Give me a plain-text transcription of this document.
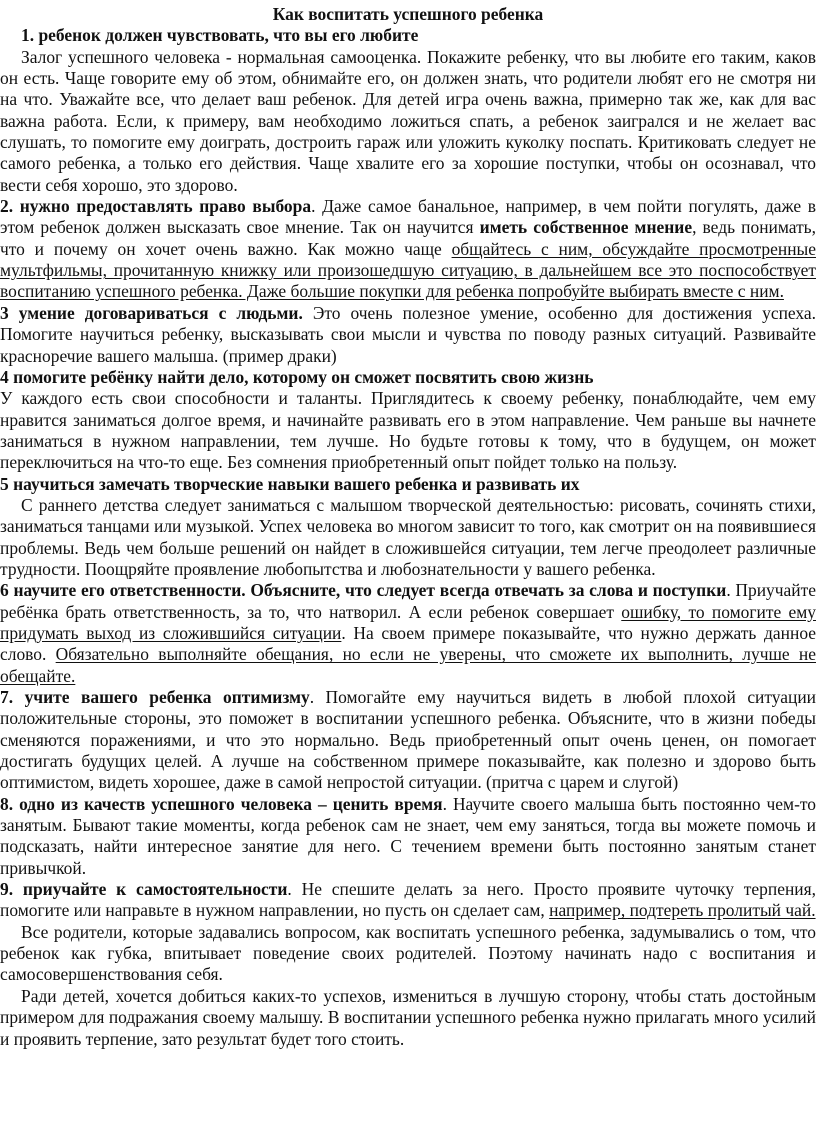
Как воспитать успешного ребенка

1. ребенок должен чувствовать, что вы его любите

Залог успешного человека - нормальная самооценка. Покажите ребенку, что вы любите его таким, каков он есть. Чаще говорите ему об этом, обнимайте его, он должен знать, что родители любят его не смотря ни на что. Уважайте все, что делает ваш ребенок. Для детей игра очень важна, примерно так же, как для вас важна работа. Если, к примеру, вам необходимо ложиться спать, а ребенок заигрался и не желает вас слушать, то помогите ему доиграть, достроить гараж или уложить куколку поспать. Критиковать следует не самого ребенка, а только его действия. Чаще хвалите его за хорошие поступки, чтобы он осознавал, что вести себя хорошо, это здорово.

2. нужно предоставлять право выбора. Даже самое банальное, например, в чем пойти погулять, даже в этом ребенок должен высказать свое мнение. Так он научится иметь собственное мнение, ведь понимать, что и почему он хочет очень важно. Как можно чаще общайтесь с ним, обсуждайте просмотренные мультфильмы, прочитанную книжку или произошедшую ситуацию, в дальнейшем все это поспособствует воспитанию успешного ребенка. Даже большие покупки для ребенка попробуйте выбирать вместе с ним.

3 умение договариваться с людьми. Это очень полезное умение, особенно для достижения успеха. Помогите научиться ребенку, высказывать свои мысли и чувства по поводу разных ситуаций. Развивайте красноречие вашего малыша. (пример драки)

4 помогите ребёнку найти дело, которому он сможет посвятить свою жизнь

У каждого есть свои способности и таланты. Приглядитесь к своему ребенку, понаблюдайте, чем ему нравится заниматься долгое время, и начинайте развивать его в этом направление. Чем раньше вы начнете заниматься в нужном направлении, тем лучше. Но будьте готовы к тому, что в будущем, он может переключиться на что-то еще. Без сомнения приобретенный опыт пойдет только на пользу.

5 научиться замечать творческие навыки вашего ребенка и развивать их

С раннего детства следует заниматься с малышом творческой деятельностью: рисовать, сочинять стихи, заниматься танцами или музыкой. Успех человека во многом зависит то того, как смотрит он на появившиеся проблемы. Ведь чем больше решений он найдет в сложившейся ситуации, тем легче преодолеет различные трудности. Поощряйте проявление любопытства и любознательности у вашего ребенка.

6 научите его ответственности. Объясните, что следует всегда отвечать за слова и поступки. Приучайте ребёнка брать ответственность, за то, что натворил. А если ребенок совершает ошибку, то помогите ему придумать выход из сложившийся ситуации. На своем примере показывайте, что нужно держать данное слово. Обязательно выполняйте обещания, но если не уверены, что сможете их выполнить, лучше не обещайте.

7. учите вашего ребенка оптимизму. Помогайте ему научиться видеть в любой плохой ситуации положительные стороны, это поможет в воспитании успешного ребенка. Объясните, что в жизни победы сменяются поражениями, и что это нормально. Ведь приобретенный опыт очень ценен, он помогает достигать будущих целей. А лучше на собственном примере показывайте, как полезно и здорово быть оптимистом, видеть хорошее, даже в самой непростой ситуации. (притча с царем и слугой)

8. одно из качеств успешного человека – ценить время. Научите своего малыша быть постоянно чем-то занятым. Бывают такие моменты, когда ребенок сам не знает, чем ему заняться, тогда вы можете помочь и подсказать, найти интересное занятие для него. С течением времени быть постоянно занятым станет привычкой.

9. приучайте к самостоятельности. Не спешите делать за него. Просто проявите чуточку терпения, помогите или направьте в нужном направлении, но пусть он сделает сам, например, подтереть пролитый чай.

Все родители, которые задавались вопросом, как воспитать успешного ребенка, задумывались о том, что ребенок как губка, впитывает поведение своих родителей. Поэтому начинать надо с воспитания и самосовершенствования себя.

Ради детей, хочется добиться каких-то успехов, измениться в лучшую сторону, чтобы стать достойным примером для подражания своему малышу. В воспитании успешного ребенка нужно прилагать много усилий и проявить терпение, зато результат будет того стоить.
